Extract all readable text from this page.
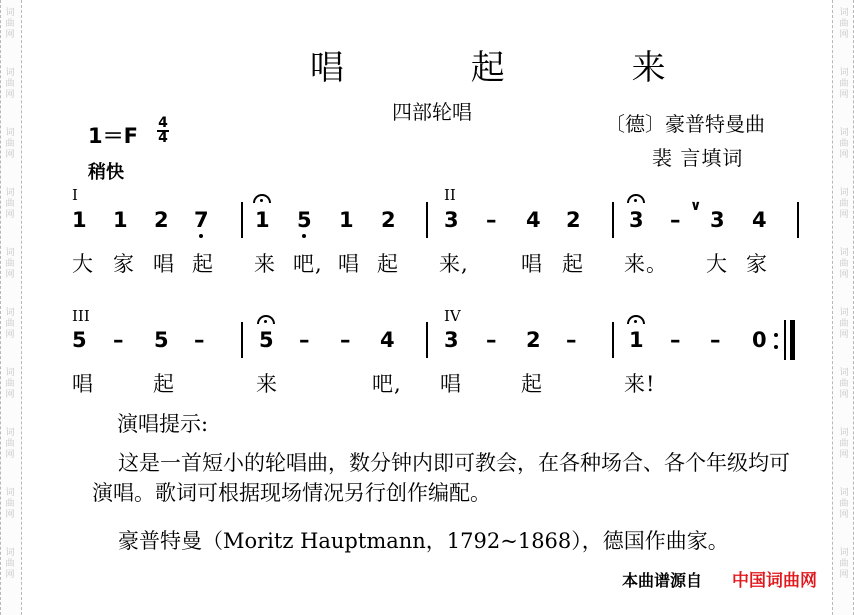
词
曲
网
词
曲
网
词
曲
网
词
曲
网
词
曲
网
词
曲
网
词
曲
网
词
曲
网
词
曲
网
词
曲
网
词
曲
网
词
曲
网
词
曲
网
词
曲
网
词
曲
网
词
曲
网
词
曲
网
词
曲
网
词
曲
网
词
曲
网
唱 起 来
四部轮唱	〔德〕豪普特曼曲
裴 言填词
1＝F
4
4
稍快
I	II
1 1 2 7 1 5 1 2 3 – 4 2 3 –
∨
3 4
大 家 唱 起 来 吧, 唱 起 来, 唱 起 来。 大 家
III	IV
5 – 5 –	5 – – 4 3 – 2 –	1 – – 0
唱	起	来	吧, 唱	起	来!
演唱提示:
这是一首短小的轮唱曲，数分钟内即可教会，在各种场合、各个年级均可演唱。歌词可根据现场情况另行创作编配。
豪普特曼（Moritz Hauptmann，1792~1868），德国作曲家。
本曲谱源自 中国词曲网
